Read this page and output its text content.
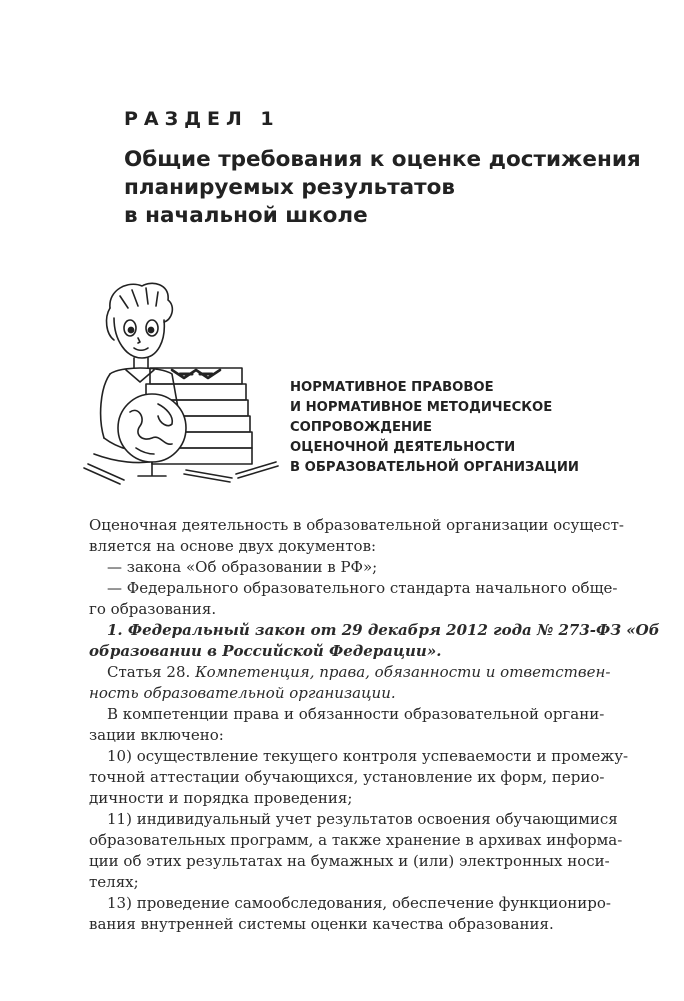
РАЗДЕЛ 1
Общие требования к оценке достижения
планируемых результатов
в начальной школе
НОРМАТИВНОЕ ПРАВОВОЕ
И НОРМАТИВНОЕ МЕТОДИЧЕСКОЕ
СОПРОВОЖДЕНИЕ
ОЦЕНОЧНОЙ ДЕЯТЕЛЬНОСТИ
В ОБРАЗОВАТЕЛЬНОЙ ОРГАНИЗАЦИИ
Оценочная деятельность в образовательной организации осущест-
вляется на основе двух документов:
— закона «Об образовании в РФ»;
— Федерального образовательного стандарта начального обще-
го образования.
1. Федеральный закон от 29 декабря 2012 года № 273-ФЗ «Об
образовании в Российской Федерации».
Статья 28. Компетенция, права, обязанности и ответствен-
ность образовательной организации.
В компетенции права и обязанности образовательной органи-
зации включено:
10) осуществление текущего контроля успеваемости и промежу-
точной аттестации обучающихся, установление их форм, перио-
дичности и порядка проведения;
11) индивидуальный учет результатов освоения обучающимися
образовательных программ, а также хранение в архивах информа-
ции об этих результатах на бумажных и (или) электронных носи-
телях;
13) проведение самообследования, обеспечение функциониро-
вания внутренней системы оценки качества образования.
